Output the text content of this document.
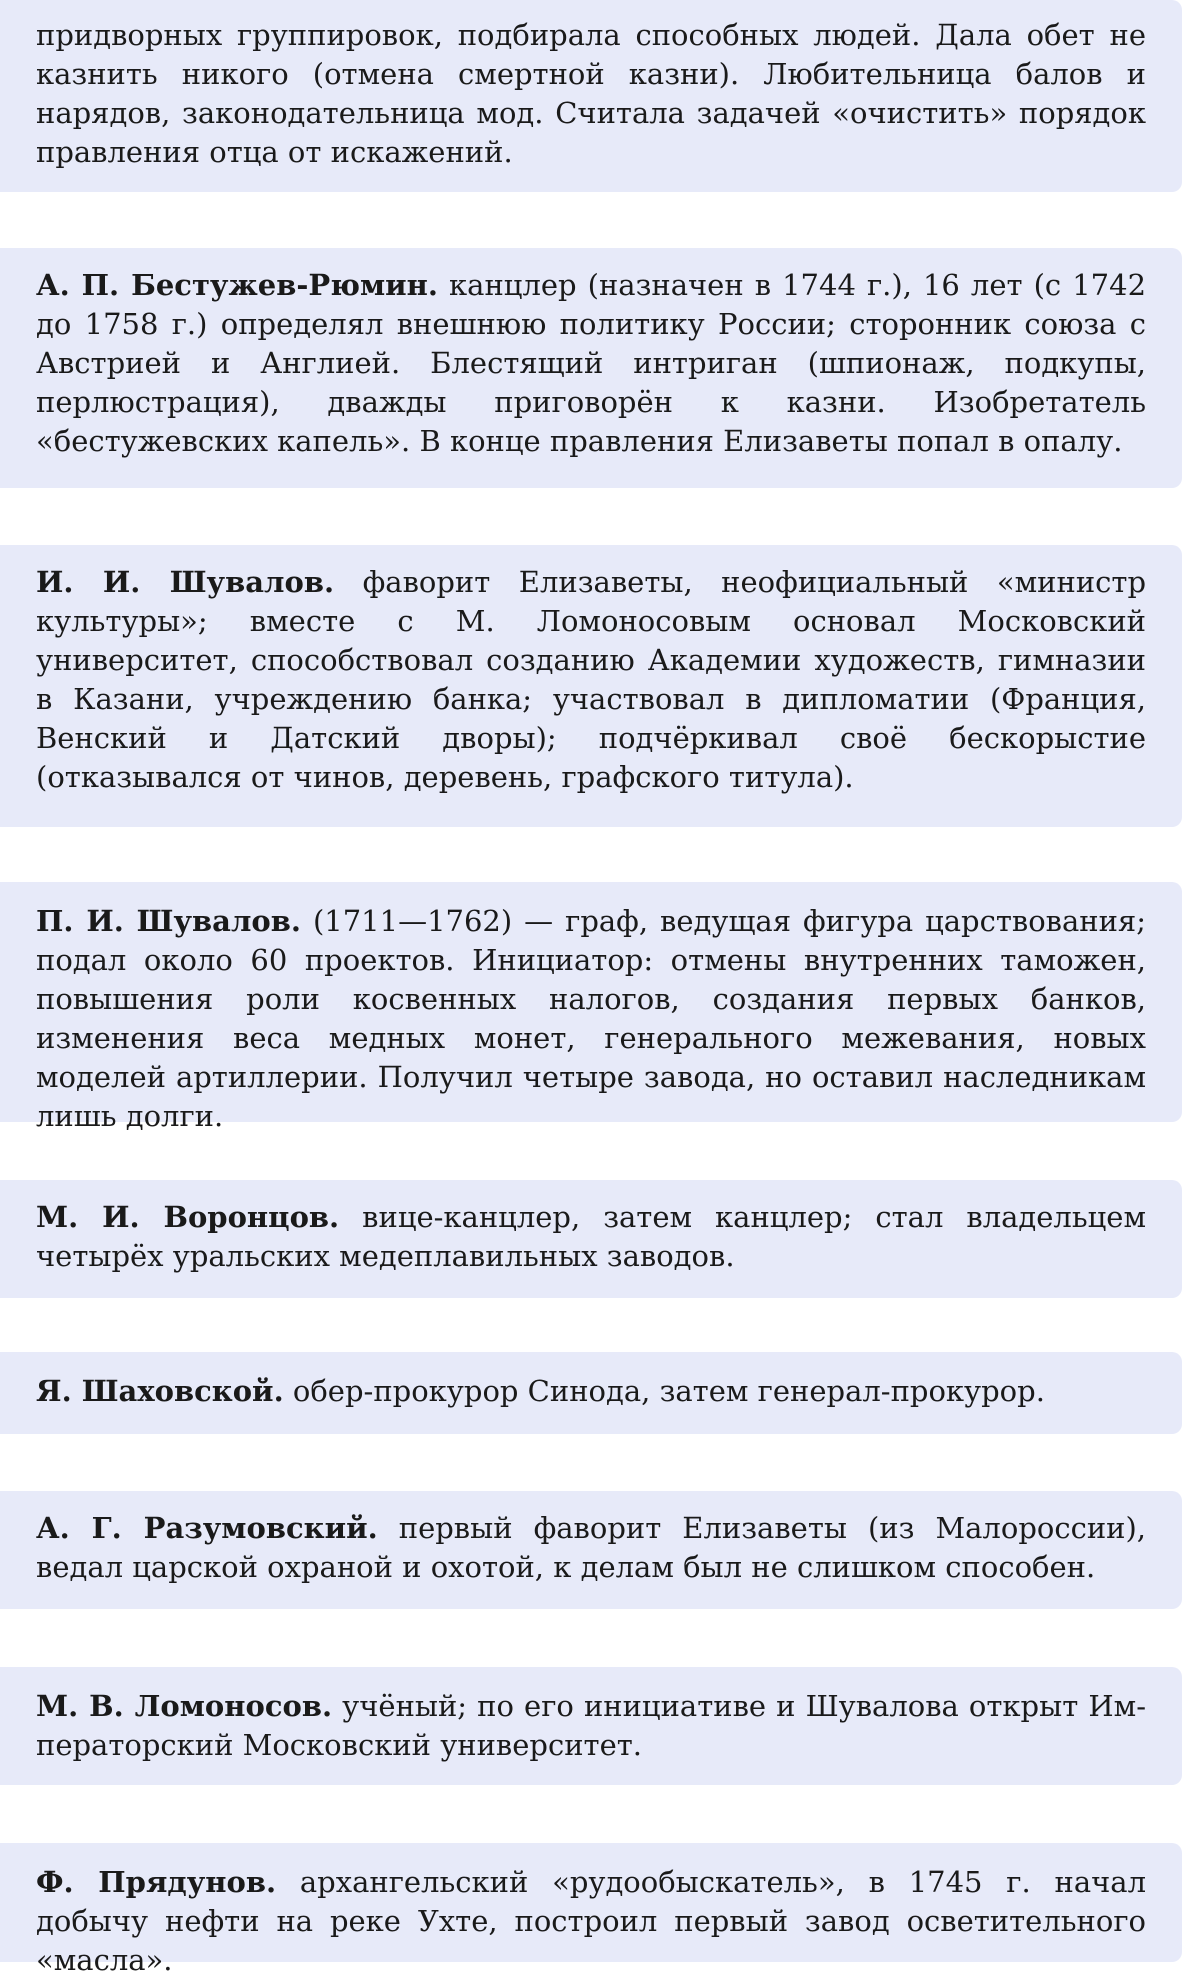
придворных группировок, подбирала способных людей. Дала обет не казнить никого (отмена смертной казни). Любительница балов и нарядов, законодательница мод. Считала задачей «очистить» порядок правления отца от искажений.

А. П. Бестужев-Рюмин. канцлер (назначен в 1744 г.), 16 лет (с 1742 до 1758 г.) определял внешнюю политику России; сторонник союза с Австрией и Англией. Блестящий интриган (шпионаж, подкупы, перлюстрация), дважды приговорён к казни. Изобретатель «бестужевских капель». В конце правления Елизаветы попал в опалу.

И. И. Шувалов. фаворит Елизаветы, неофициальный «министр культуры»; вместе с М. Ломоносовым основал Московский университет, способствовал созданию Академии художеств, гимназии в Казани, учреждению банка; участвовал в дипломатии (Франция, Венский и Датский дворы); подчёркивал своё бескорыстие (отказывался от чинов, деревень, графского титула).

П. И. Шувалов. (1711—1762) — граф, ведущая фигура царствования; подал около 60 проектов. Инициатор: отмены внутренних таможен, повышения роли косвенных налогов, создания первых банков, изменения веса медных монет, генерального межевания, новых моделей артиллерии. Получил четыре завода, но оставил наследникам лишь долги.

М. И. Воронцов. вице-канцлер, затем канцлер; стал владельцем четырёх уральских медеплавильных заводов.

Я. Шаховской. обер-прокурор Синода, затем генерал-прокурор.

А. Г. Разумовский. первый фаворит Елизаветы (из Малороссии), ведал царской охраной и охотой, к делам был не слишком способен.

М. В. Ломоносов. учёный; по его инициативе и Шувалова открыт Императорский Московский университет.

Ф. Прядунов. архангельский «рудообыскатель», в 1745 г. начал добычу нефти на реке Ухте, построил первый завод осветительного «масла».
